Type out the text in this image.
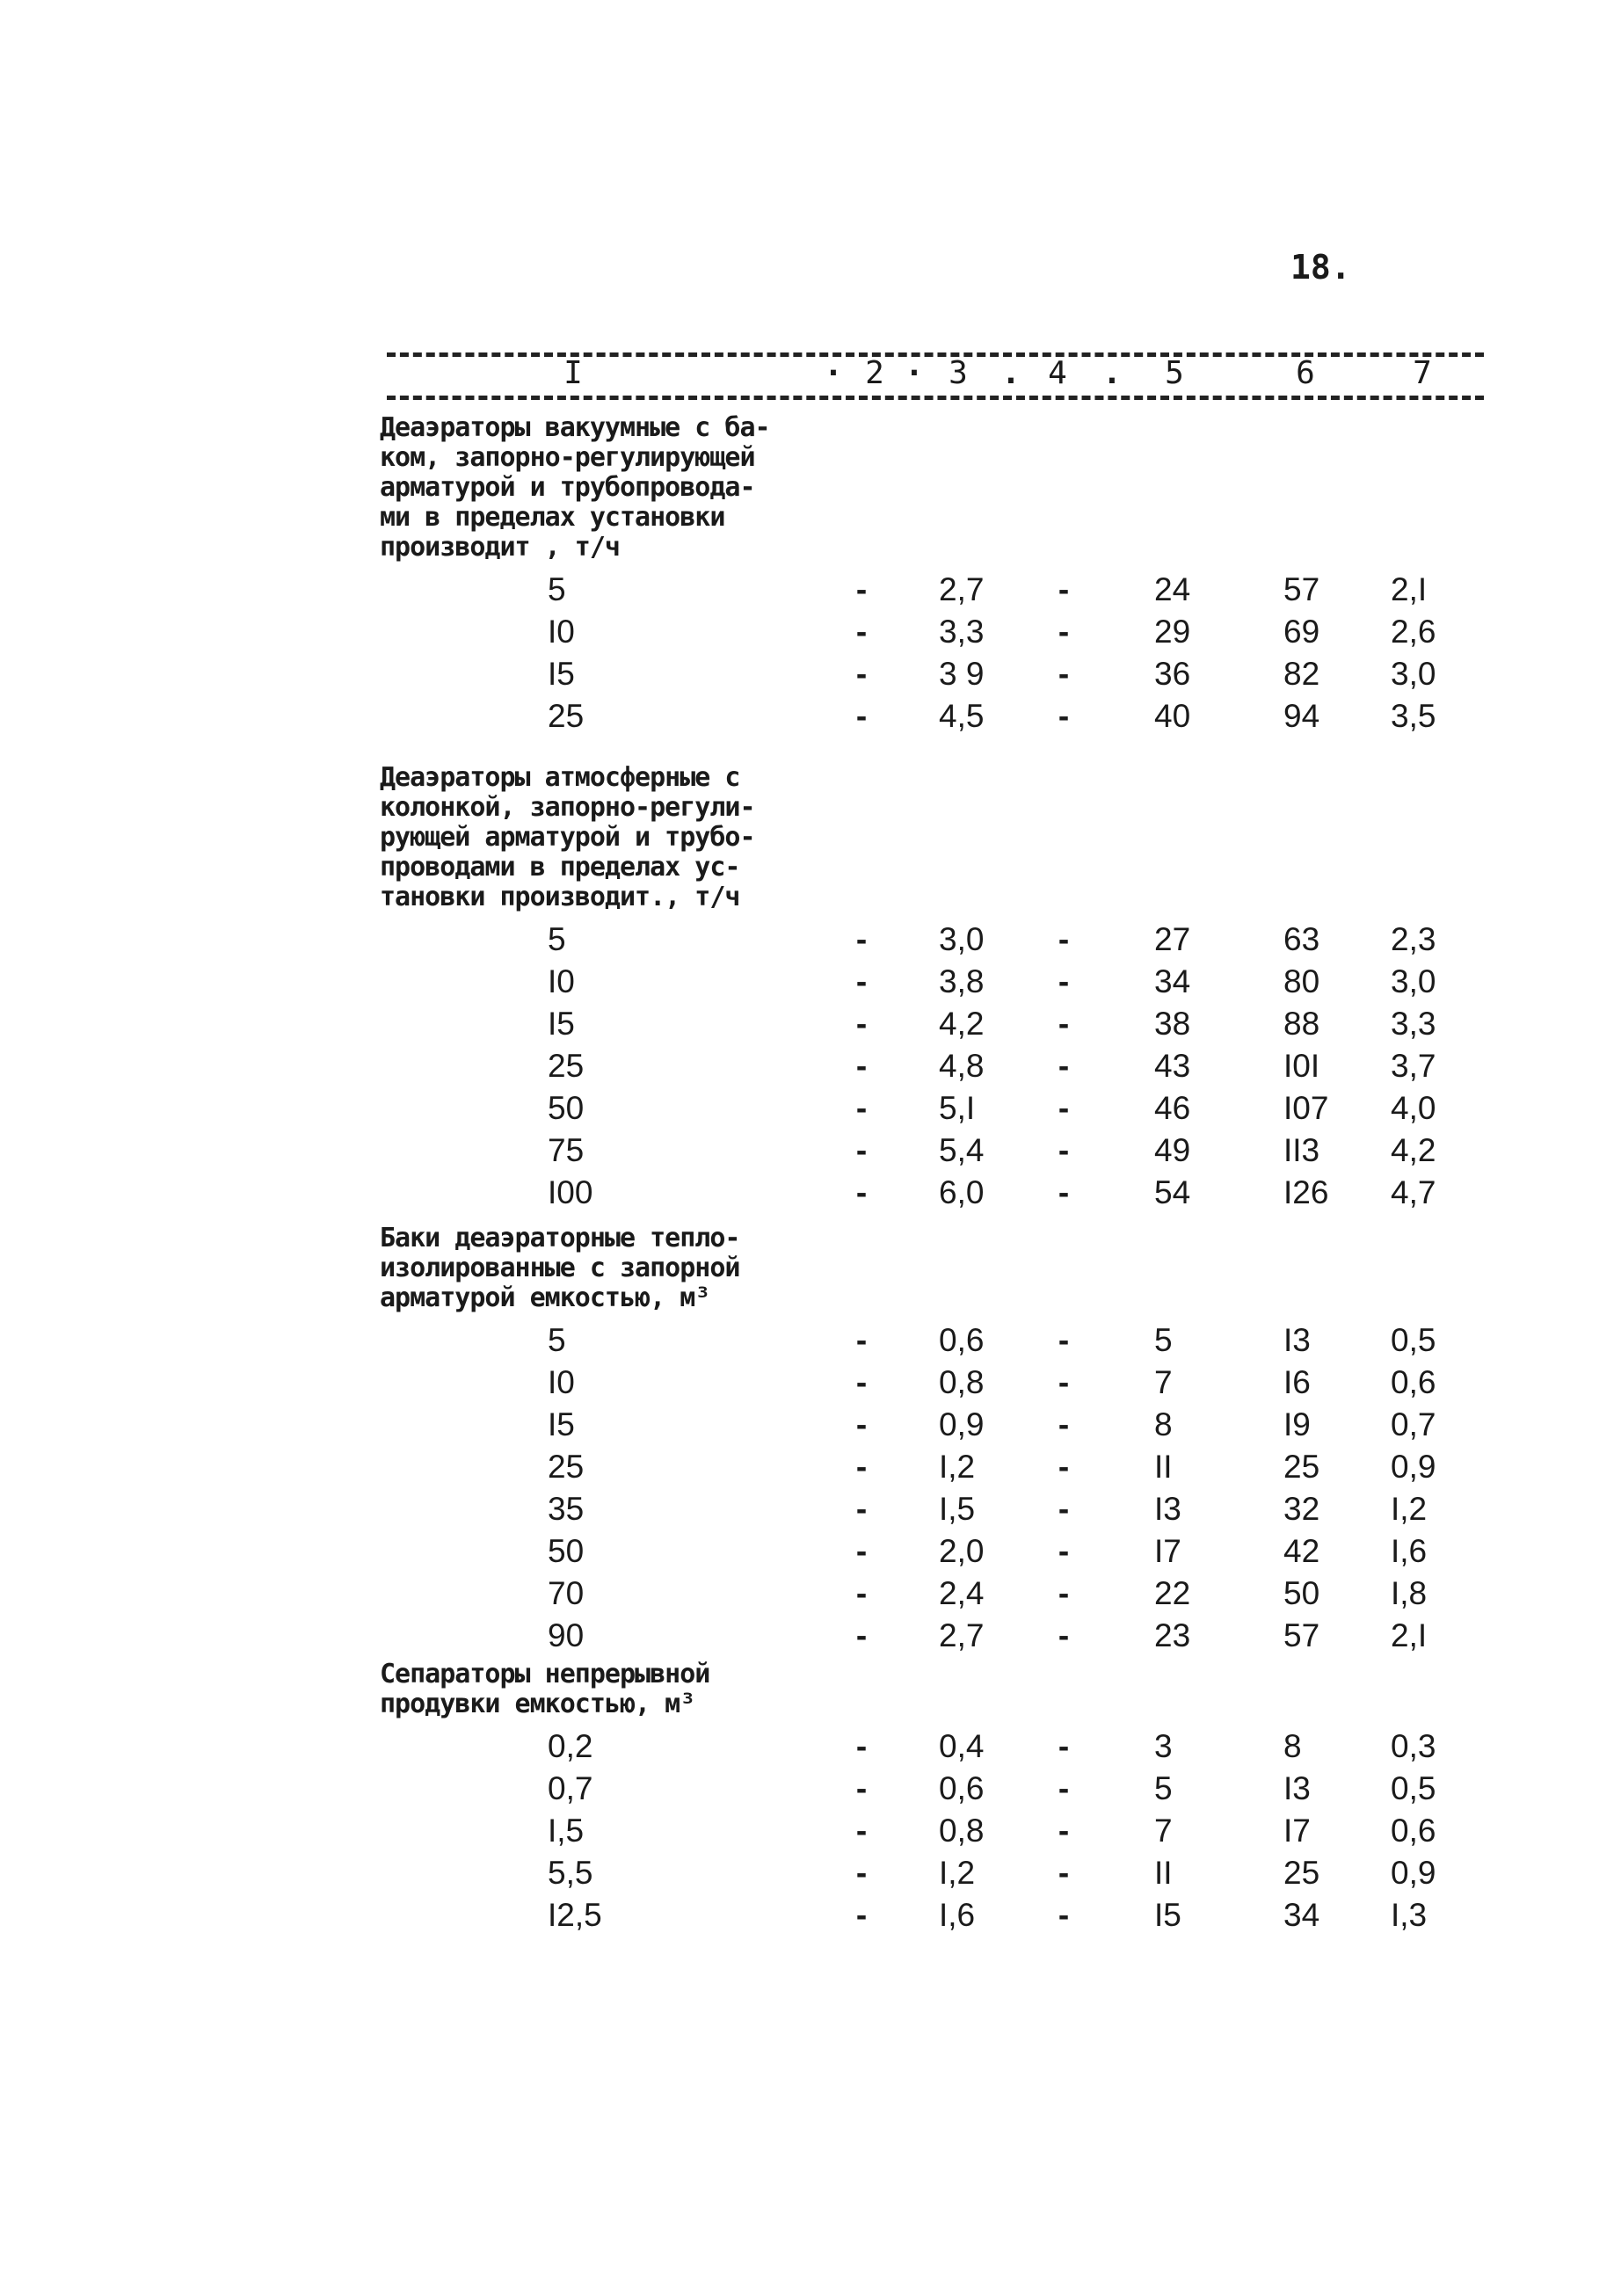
18.
I	· 2 · 3 . 4 . 5	6	7
Деаэраторы вакуумные с ба-
ком, запорно-регулирующей
арматурой и трубопровода-
ми в пределах установки
производит , т/ч
5	- 2,7 -	24	57 2,I
I0	- 3,3 -	29	69 2,6
I5	- 3 9 -	36	82 3,0
25	- 4,5 -	40	94 3,5
Деаэраторы атмосферные с
колонкой, запорно-регули-
рующей арматурой и трубо-
проводами в пределах ус-
тановки производит., т/ч
5	- 3,0 -	27	63 2,3
I0	- 3,8 -	34	80 3,0
I5	- 4,2 -	38	88 3,3
25	- 4,8 -	43	I0I 3,7
50	- 5,I	-	46	I07 4,0
75	- 5,4 -	49	II3 4,2
I00	- 6,0 -	54	I26 4,7
Баки деаэраторные тепло-
изолированные с запорной
арматурой емкостью, м³
5	- 0,6 -	5	I3 0,5
I0	- 0,8 -	7	I6 0,6
I5	- 0,9 -	8	I9 0,7
25	- I,2	-	II	25 0,9
35	- I,5	-	I3	32 I,2
50	- 2,0 -	I7	42 I,6
70	- 2,4 -	22	50 I,8
90	- 2,7 -	23	57 2,I
Сепараторы непрерывной
продувки емкостью, м³
0,2	- 0,4 -	3	8	0,3
0,7	- 0,6 -	5	I3 0,5
I,5	- 0,8 -	7	I7 0,6
5,5	- I,2	-	II	25 0,9
I2,5	- I,6	-	I5	34 I,3
